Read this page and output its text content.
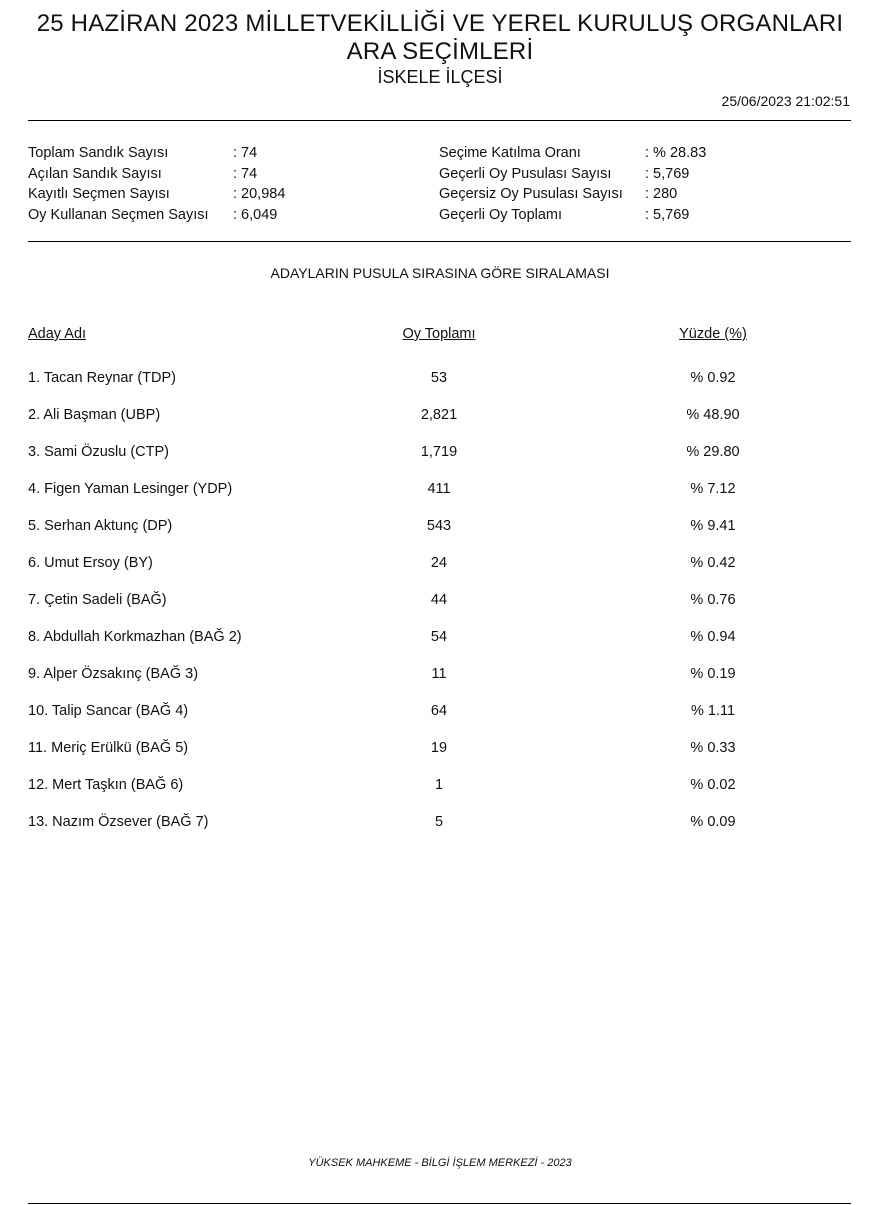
25 HAZİRAN 2023 MİLLETVEKİLLİĞİ VE YEREL KURULUŞ ORGANLARI
ARA SEÇİMLERİ
İSKELE İLÇESİ
25/06/2023 21:02:51
Toplam Sandık Sayısı	: 74
Açılan Sandık Sayısı	: 74
Kayıtlı Seçmen Sayısı	: 20,984
Oy Kullanan Seçmen Sayısı : 6,049
Seçime Katılma Oranı	: % 28.83
Geçerli Oy Pusulası Sayısı : 5,769
Geçersiz Oy Pusulası Sayısı : 280
Geçerli Oy Toplamı	: 5,769
ADAYLARIN PUSULA SIRASINA GÖRE SIRALAMASI
Aday Adı	Oy Toplamı	Yüzde (%)
1. Tacan Reynar (TDP)	53	% 0.92
2. Ali Başman (UBP)	2,821	% 48.90
3. Sami Özuslu (CTP)	1,719	% 29.80
4. Figen Yaman Lesinger (YDP)	411	% 7.12
5. Serhan Aktunç (DP)	543	% 9.41
6. Umut Ersoy (BY)	24	% 0.42
7. Çetin Sadeli (BAĞ)	44	% 0.76
8. Abdullah Korkmazhan (BAĞ 2)	54	% 0.94
9. Alper Özsakınç (BAĞ 3)	11	% 0.19
10. Talip Sancar (BAĞ 4)	64	% 1.11
11. Meriç Erülkü (BAĞ 5)	19	% 0.33
12. Mert Taşkın (BAĞ 6)	1	% 0.02
13. Nazım Özsever (BAĞ 7)	5	% 0.09
YÜKSEK MAHKEME - BİLGİ İŞLEM MERKEZİ - 2023
